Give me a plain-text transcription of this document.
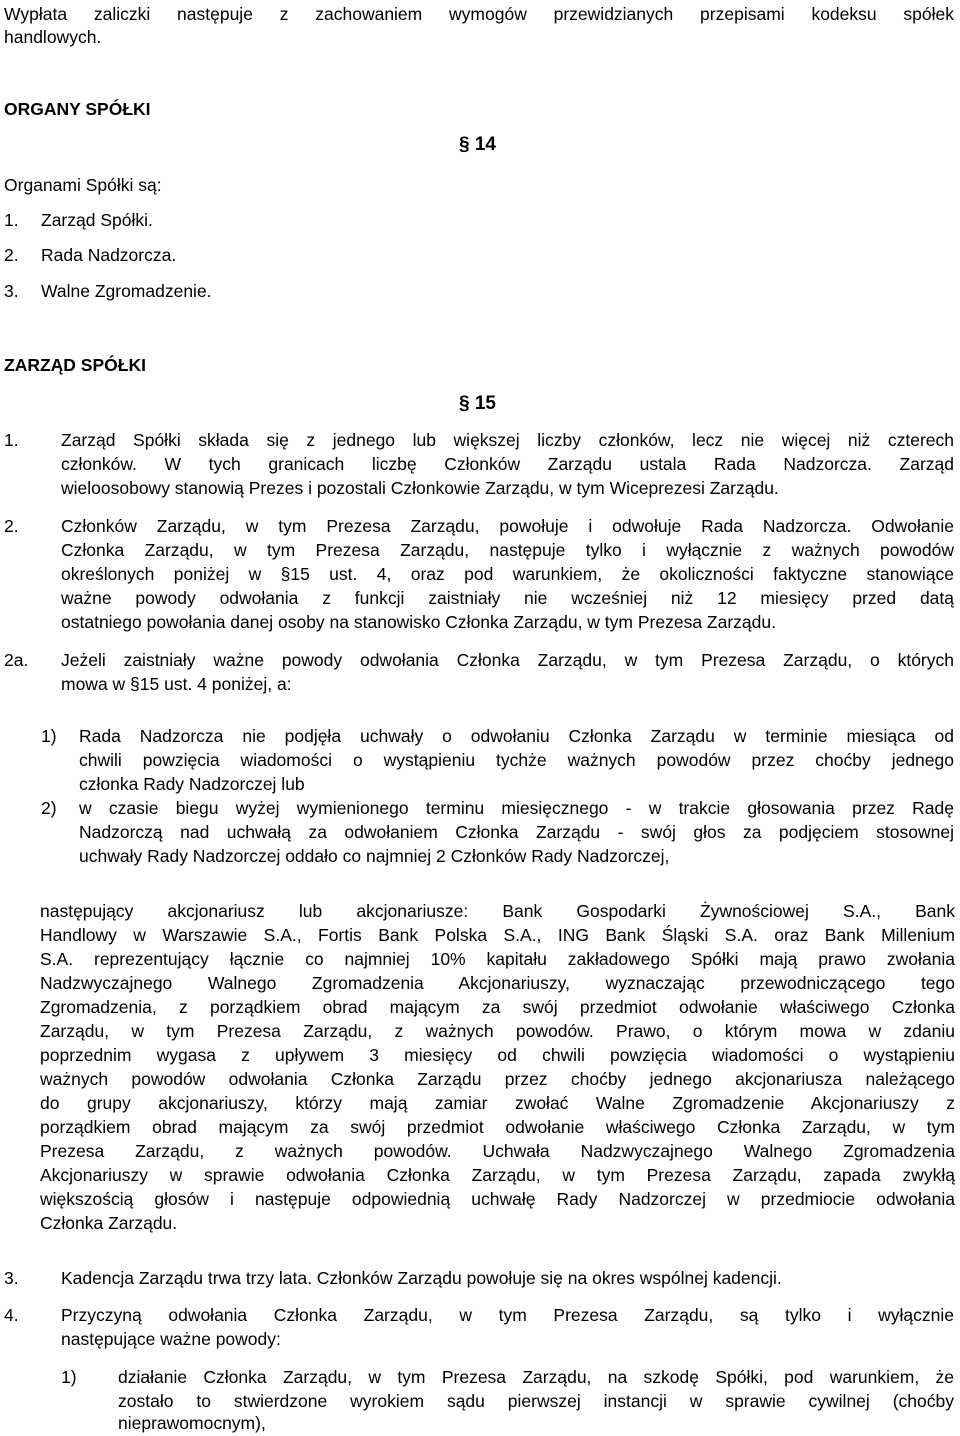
Wypłata zaliczki następuje z zachowaniem wymogów przewidzianych przepisami kodeksu spółek
handlowych.
ORGANY SPÓŁKI
§ 14
Organami Spółki są:
1. Zarząd Spółki.
2. Rada Nadzorcza.
3. Walne Zgromadzenie.
ZARZĄD SPÓŁKI
§ 15
1. Zarząd Spółki składa się z jednego lub większej liczby członków, lecz nie więcej niż czterech
członków. W tych granicach liczbę Członków Zarządu ustala Rada Nadzorcza. Zarząd
wieloosobowy stanowią Prezes i pozostali Członkowie Zarządu, w tym Wiceprezesi Zarządu.
2. Członków Zarządu, w tym Prezesa Zarządu, powołuje i odwołuje Rada Nadzorcza. Odwołanie
Członka Zarządu, w tym Prezesa Zarządu, następuje tylko i wyłącznie z ważnych powodów
określonych poniżej w §15 ust. 4, oraz pod warunkiem, że okoliczności faktyczne stanowiące
ważne powody odwołania z funkcji zaistniały nie wcześniej niż 12 miesięcy przed datą
ostatniego powołania danej osoby na stanowisko Członka Zarządu, w tym Prezesa Zarządu.
2a. Jeżeli zaistniały ważne powody odwołania Członka Zarządu, w tym Prezesa Zarządu, o których
mowa w §15 ust. 4 poniżej, a:
1) Rada Nadzorcza nie podjęła uchwały o odwołaniu Członka Zarządu w terminie miesiąca od
chwili powzięcia wiadomości o wystąpieniu tychże ważnych powodów przez choćby jednego
członka Rady Nadzorczej lub
2) w czasie biegu wyżej wymienionego terminu miesięcznego - w trakcie głosowania przez Radę
Nadzorczą nad uchwałą za odwołaniem Członka Zarządu - swój głos za podjęciem stosownej
uchwały Rady Nadzorczej oddało co najmniej 2 Członków Rady Nadzorczej,
następujący akcjonariusz lub akcjonariusze: Bank Gospodarki Żywnościowej S.A., Bank
Handlowy w Warszawie S.A., Fortis Bank Polska S.A., ING Bank Śląski S.A. oraz Bank Millenium
S.A. reprezentujący łącznie co najmniej 10% kapitału zakładowego Spółki mają prawo zwołania
Nadzwyczajnego Walnego Zgromadzenia Akcjonariuszy, wyznaczając przewodniczącego tego
Zgromadzenia, z porządkiem obrad mającym za swój przedmiot odwołanie właściwego Członka
Zarządu, w tym Prezesa Zarządu, z ważnych powodów. Prawo, o którym mowa w zdaniu
poprzednim wygasa z upływem 3 miesięcy od chwili powzięcia wiadomości o wystąpieniu
ważnych powodów odwołania Członka Zarządu przez choćby jednego akcjonariusza należącego
do grupy akcjonariuszy, którzy mają zamiar zwołać Walne Zgromadzenie Akcjonariuszy z
porządkiem obrad mającym za swój przedmiot odwołanie właściwego Członka Zarządu, w tym
Prezesa Zarządu, z ważnych powodów. Uchwała Nadzwyczajnego Walnego Zgromadzenia
Akcjonariuszy w sprawie odwołania Członka Zarządu, w tym Prezesa Zarządu, zapada zwykłą
większością głosów i następuje odpowiednią uchwałę Rady Nadzorczej w przedmiocie odwołania
Członka Zarządu.
3. Kadencja Zarządu trwa trzy lata. Członków Zarządu powołuje się na okres wspólnej kadencji.
4. Przyczyną odwołania Członka Zarządu, w tym Prezesa Zarządu, są tylko i wyłącznie
następujące ważne powody:
1) działanie Członka Zarządu, w tym Prezesa Zarządu, na szkodę Spółki, pod warunkiem, że
zostało to stwierdzone wyrokiem sądu pierwszej instancji w sprawie cywilnej (choćby
nieprawomocnym),
